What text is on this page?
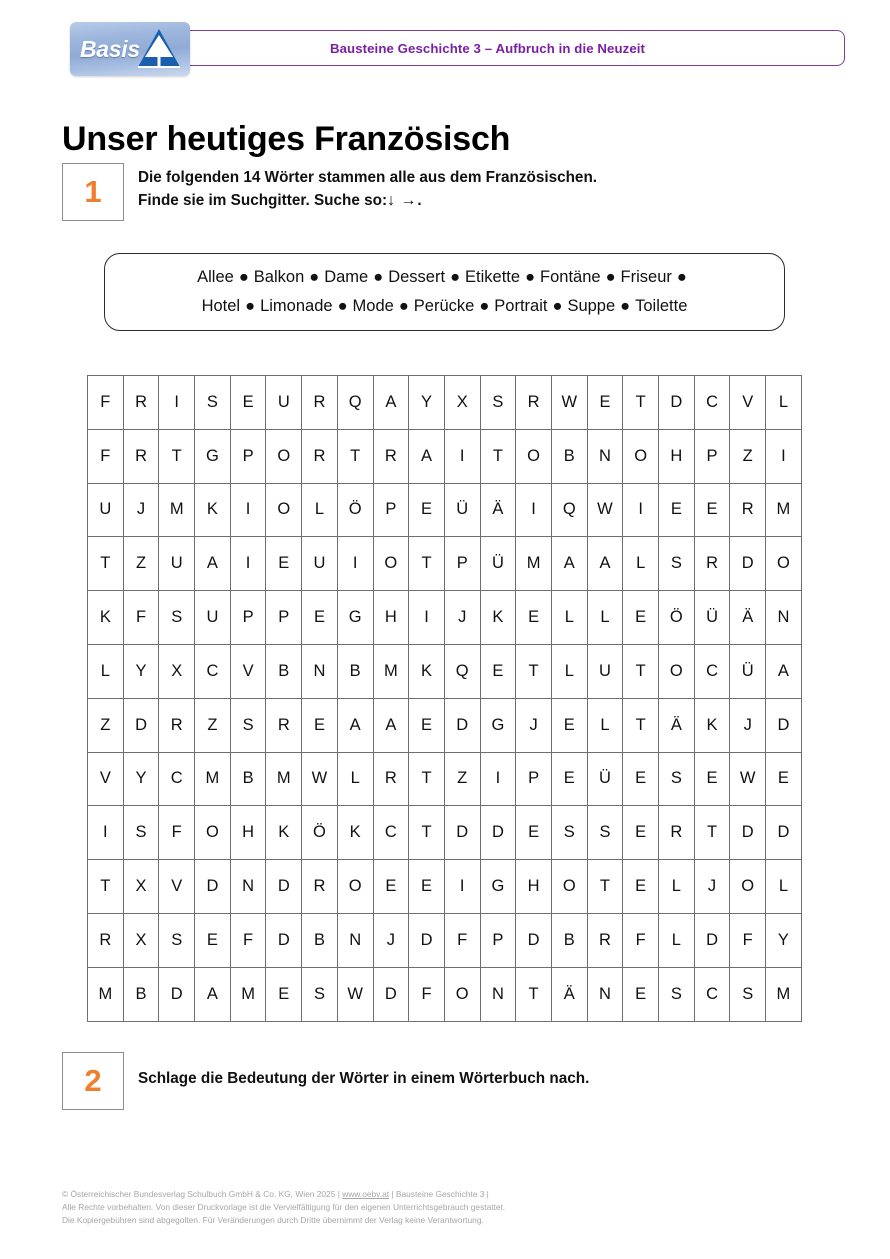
Bausteine Geschichte 3 – Aufbruch in die Neuzeit
Basis
Unser heutiges Französisch
1	Die folgenden 14 Wörter stammen alle aus dem Französischen.
Finde sie im Suchgitter. Suche so:↓ →.
Allee ● Balkon ● Dame ● Dessert ● Etikette ● Fontäne ● Friseur ●
Hotel ● Limonade ● Mode ● Perücke ● Portrait ● Suppe ● Toilette
F	R	I	S	E	U	R	Q	A	Y	X	S	R	W	E	T	D	C	V	L
F	R	T	G	P	O	R	T	R	A	I	T	O	B	N	O	H	P	Z	I
U	J	M	K	I	O	L	Ö	P	E	Ü	Ä	I	Q	W	I	E	E	R	M
T	Z	U	A	I	E	U	I	O	T	P	Ü	M	A	A	L	S	R	D	O
K	F	S	U	P	P	E	G	H	I	J	K	E	L	L	E	Ö	Ü	Ä	N
L	Y	X	C	V	B	N	B	M	K	Q	E	T	L	U	T	O	C	Ü	A
Z	D	R	Z	S	R	E	A	A	E	D	G	J	E	L	T	Ä	K	J	D
V	Y	C	M	B	M	W	L	R	T	Z	I	P	E	Ü	E	S	E	W	E
I	S	F	O	H	K	Ö	K	C	T	D	D	E	S	S	E	R	T	D	D
T	X	V	D	N	D	R	O	E	E	I	G	H	O	T	E	L	J	O	L
R	X	S	E	F	D	B	N	J	D	F	P	D	B	R	F	L	D	F	Y
M	B	D	A	M	E	S	W	D	F	O	N	T	Ä	N	E	S	C	S	M
2	Schlage die Bedeutung der Wörter in einem Wörterbuch nach.
© Österreichischer Bundesverlag Schulbuch GmbH & Co. KG, Wien 2025 | www.oebv.at | Bausteine Geschichte 3 |
Alle Rechte vorbehalten. Von dieser Druckvorlage ist die Vervielfältigung für den eigenen Unterrichtsgebrauch gestattet.
Die Kopiergebühren sind abgegolten. Für Veränderungen durch Dritte übernimmt der Verlag keine Verantwortung.
